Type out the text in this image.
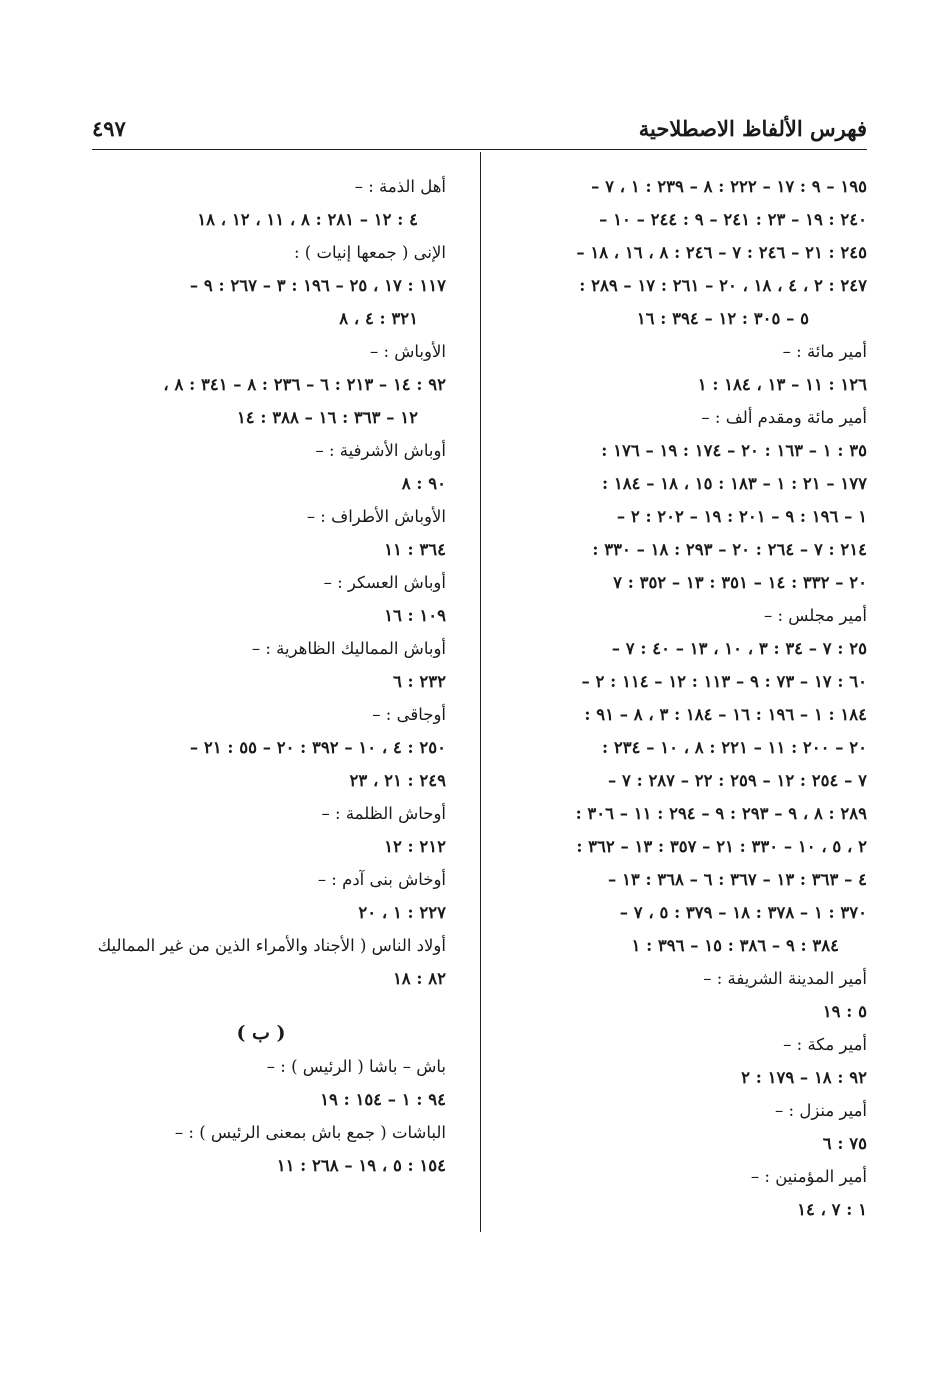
فهرس الألفاظ الاصطلاحية
٤٩٧
١٩٥ – ٩ : ١٧ – ٢٢٢ : ٨ – ٢٣٩ : ١ ، ٧ –
٢٤٠ : ١٩ – ٢٣ : ٢٤١ – ٩ : ٢٤٤ – ١٠ –
٢٤٥ : ٢١ – ٢٤٦ : ٧ – ٢٤٦ : ٨ ، ١٦ ، ١٨ –
٢٤٧ : ٢ ، ٤ ، ١٨ ، ٢٠ – ٢٦١ : ١٧ – ٢٨٩ :
٥ – ٣٠٥ : ١٢ – ٣٩٤ : ١٦
أمير مائة : –
١٢٦ : ١١ – ١٣ ، ١٨٤ : ١
أمير مائة ومقدم ألف : –
٣٥ : ١ – ١٦٣ : ٢٠ – ١٧٤ : ١٩ – ١٧٦ :
١٧٧ – ٢١ : ١ – ١٨٣ : ١٥ ، ١٨ – ١٨٤ :
١ – ١٩٦ : ٩ – ٢٠١ : ١٩ – ٢٠٢ : ٢ –
٢١٤ : ٧ – ٢٦٤ : ٢٠ – ٢٩٣ : ١٨ – ٣٣٠ :
٢٠ – ٣٣٢ : ١٤ – ٣٥١ : ١٣ – ٣٥٢ : ٧
أمير مجلس : –
٢٥ : ٧ – ٣٤ : ٣ ، ١٠ ، ١٣ – ٤٠ : ٧ –
٦٠ : ١٧ – ٧٣ : ٩ – ١١٣ : ١٢ – ١١٤ : ٢ –
١٨٤ : ١ – ١٩٦ : ١٦ – ١٨٤ : ٣ ، ٨ – ٩١ :
٢٠ – ٢٠٠ : ١١ – ٢٢١ : ٨ ، ١٠ – ٢٣٤ :
٧ – ٢٥٤ : ١٢ – ٢٥٩ : ٢٢ – ٢٨٧ : ٧ –
٢٨٩ : ٨ ، ٩ – ٢٩٣ : ٩ – ٢٩٤ : ١١ – ٣٠٦ :
٢ ، ٥ ، ١٠ – ٣٣٠ : ٢١ – ٣٥٧ : ١٣ – ٣٦٢ :
٤ – ٣٦٣ : ١٣ – ٣٦٧ : ٦ – ٣٦٨ : ١٣ –
٣٧٠ : ١ – ٣٧٨ : ١٨ – ٣٧٩ : ٥ ، ٧ –
٣٨٤ : ٩ – ٣٨٦ : ١٥ – ٣٩٦ : ١
أمير المدينة الشريفة : –
٥ : ١٩
أمير مكة : –
٩٢ : ١٨ – ١٧٩ : ٢
أمير منزل : –
٧٥ : ٦
أمير المؤمنين : –
١ : ٧ ، ١٤
أهل الذمة : –
٤ : ١٢ – ٢٨١ : ٨ ، ١١ ، ١٢ ، ١٨
الإنى ( جمعها إنيات ) :
١١٧ : ١٧ ، ٢٥ – ١٩٦ : ٣ – ٢٦٧ : ٩ –
٣٢١ : ٤ ، ٨
الأوباش : –
٩٢ : ١٤ – ٢١٣ : ٦ – ٢٣٦ : ٨ – ٣٤١ : ٨ ،
١٢ – ٣٦٣ : ١٦ – ٣٨٨ : ١٤
أوباش الأشرفية : –
٩٠ : ٨
الأوباش الأطراف : –
٣٦٤ : ١١
أوباش العسكر : –
١٠٩ : ١٦
أوباش المماليك الظاهرية : –
٢٣٢ : ٦
أوجاقى : –
٢٥٠ : ٤ ، ١٠ – ٣٩٢ : ٢٠ – ٥٥ : ٢١ –
٢٤٩ : ٢١ ، ٢٣
أوحاش الظلمة : –
٢١٢ : ١٢
أوخاش بنى آدم : –
٢٢٧ : ١ ، ٢٠
أولاد الناس ( الأجناد والأمراء الذين من غير المماليك
٨٢ : ١٨
( ب )
باش – باشا ( الرئيس ) : –
٩٤ : ١ – ١٥٤ : ١٩
الباشات ( جمع باش بمعنى الرئيس ) : –
١٥٤ : ٥ ، ١٩ – ٢٦٨ : ١١
